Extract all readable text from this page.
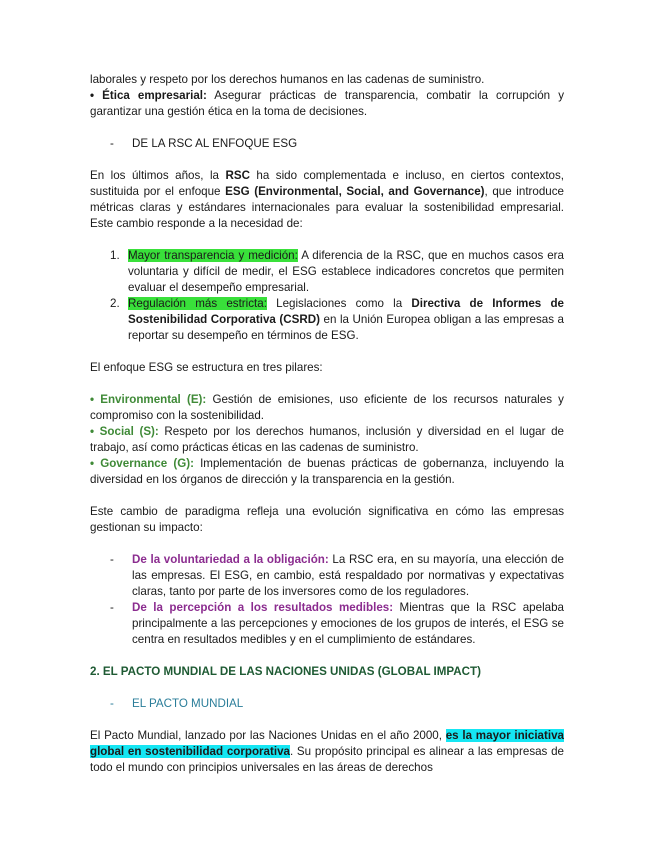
laborales y respeto por los derechos humanos en las cadenas de suministro.
• Ética empresarial: Asegurar prácticas de transparencia, combatir la corrupción y garantizar una gestión ética en la toma de decisiones.

-	DE LA RSC AL ENFOQUE ESG

En los últimos años, la RSC ha sido complementada e incluso, en ciertos contextos, sustituida por el enfoque ESG (Environmental, Social, and Governance), que introduce métricas claras y estándares internacionales para evaluar la sostenibilidad empresarial. Este cambio responde a la necesidad de:

1. Mayor transparencia y medición: A diferencia de la RSC, que en muchos casos era voluntaria y difícil de medir, el ESG establece indicadores concretos que permiten evaluar el desempeño empresarial.
2. Regulación más estricta: Legislaciones como la Directiva de Informes de Sostenibilidad Corporativa (CSRD) en la Unión Europea obligan a las empresas a reportar su desempeño en términos de ESG.

El enfoque ESG se estructura en tres pilares:

• Environmental (E): Gestión de emisiones, uso eficiente de los recursos naturales y compromiso con la sostenibilidad.

• Social (S): Respeto por los derechos humanos, inclusión y diversidad en el lugar de trabajo, así como prácticas éticas en las cadenas de suministro.

• Governance (G): Implementación de buenas prácticas de gobernanza, incluyendo la diversidad en los órganos de dirección y la transparencia en la gestión.

Este cambio de paradigma refleja una evolución significativa en cómo las empresas gestionan su impacto:

-	De la voluntariedad a la obligación: La RSC era, en su mayoría, una elección de las empresas. El ESG, en cambio, está respaldado por normativas y expectativas claras, tanto por parte de los inversores como de los reguladores.
-	De la percepción a los resultados medibles: Mientras que la RSC apelaba principalmente a las percepciones y emociones de los grupos de interés, el ESG se centra en resultados medibles y en el cumplimiento de estándares.

2. EL PACTO MUNDIAL DE LAS NACIONES UNIDAS (GLOBAL IMPACT)

-	EL PACTO MUNDIAL

El Pacto Mundial, lanzado por las Naciones Unidas en el año 2000, es la mayor iniciativa global en sostenibilidad corporativa. Su propósito principal es alinear a las empresas de todo el mundo con principios universales en las áreas de derechos
